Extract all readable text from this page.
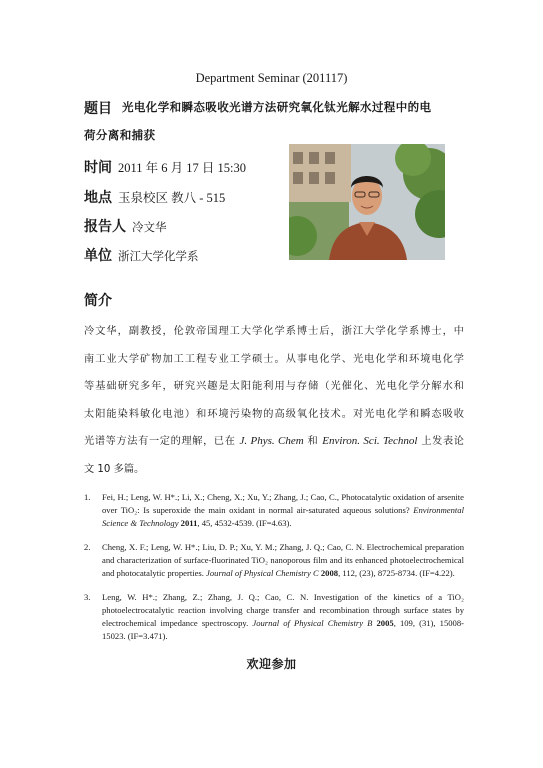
Department Seminar (201117)
题目 光电化学和瞬态吸收光谱方法研究氧化钛光解水过程中的电
荷分离和捕获
时间 2011 年 6 月 17 日 15:30
地点 玉泉校区 教八 - 515
报告人 冷文华
单位 浙江大学化学系
简介
冷文华，副教授，伦敦帝国理工大学化学系博士后，浙江大学化学系博士，中
南工业大学矿物加工工程专业工学硕士。从事电化学、光电化学和环境电化学
等基础研究多年，研究兴趣是太阳能利用与存储（光催化、光电化学分解水和
太阳能染料敏化电池）和环境污染物的高级氧化技术。对光电化学和瞬态吸收
光谱等方法有一定的理解，已在 J. Phys. Chem 和 Environ. Sci. Technol 上发表论
文 10 多篇。
1. Fei, H.; Leng, W. H*.; Li, X.; Cheng, X.; Xu, Y.; Zhang, J.; Cao, C., Photocatalytic oxidation of arsenite over TiO₂: Is superoxide the main oxidant in normal air-saturated aqueous solutions? Environmental Science & Technology 2011, 45, 4532-4539. (IF=4.63).
2. Cheng, X. F.; Leng, W. H*.; Liu, D. P.; Xu, Y. M.; Zhang, J. Q.; Cao, C. N. Electrochemical preparation and characterization of surface-fluorinated TiO₂ nanoporous film and its enhanced photoelectrochemical and photocatalytic properties. Journal of Physical Chemistry C 2008, 112, (23), 8725-8734. (IF=4.22).
3. Leng, W. H*.; Zhang, Z.; Zhang, J. Q.; Cao, C. N. Investigation of the kinetics of a TiO₂ photoelectrocatalytic reaction involving charge transfer and recombination through surface states by electrochemical impedance spectroscopy. Journal of Physical Chemistry B 2005, 109, (31), 15008-15023. (IF=3.471).
欢迎参加
